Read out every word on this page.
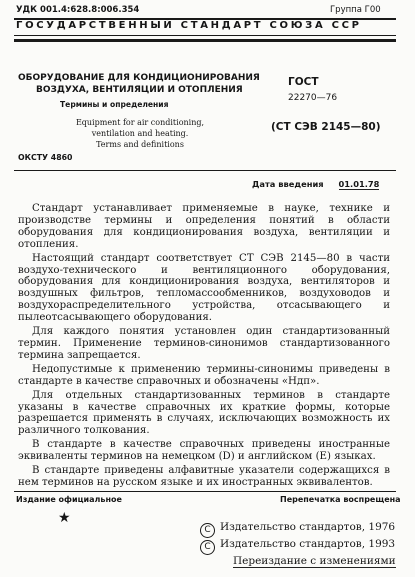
УДК 001.4:628.8:006.354	Группа Г00
ГОСУДАРСТВЕННЫЙ СТАНДАРТ СОЮЗА ССР
ОБОРУДОВАНИЕ ДЛЯ КОНДИЦИОНИРОВАНИЯ
ВОЗДУХА, ВЕНТИЛЯЦИИ И ОТОПЛЕНИЯ
Термины и определения
Equipment for air conditioning,
ventilation and heating.
Terms and definitions
ГОСТ
22270—76
(СТ СЭВ 2145—80)
ОКСТУ 4860
Дата введения 01.01.78

Стандарт устанавливает применяемые в науке, технике и производстве термины и определения понятий в области оборудования для кондиционирования воздуха, вентиляции и отопления.

Настоящий стандарт соответствует СТ СЭВ 2145—80 в части воздухо-технического и вентиляционного оборудования, оборудования для кондиционирования воздуха, вентиляторов и воздушных фильтров, тепломассообменников, воздуховодов и воздухораспределительного устройства, отсасывающего и пылеотсасывающего оборудования.

Для каждого понятия установлен один стандартизованный термин. Применение терминов-синонимов стандартизованного термина запрещается.

Недопустимые к применению термины-синонимы приведены в стандарте в качестве справочных и обозначены «Ндп».

Для отдельных стандартизованных терминов в стандарте указаны в качестве справочных их краткие формы, которые разрешается применять в случаях, исключающих возможность их различного толкования.

В стандарте в качестве справочных приведены иностранные эквиваленты терминов на немецком (D) и английском (E) языках.

В стандарте приведены алфавитные указатели содержащихся в нем терминов на русском языке и их иностранных эквивалентов.

Издание официальное	Перепечатка воспрещена
★
С Издательство стандартов, 1976
С Издательство стандартов, 1993
Переиздание с изменениями
